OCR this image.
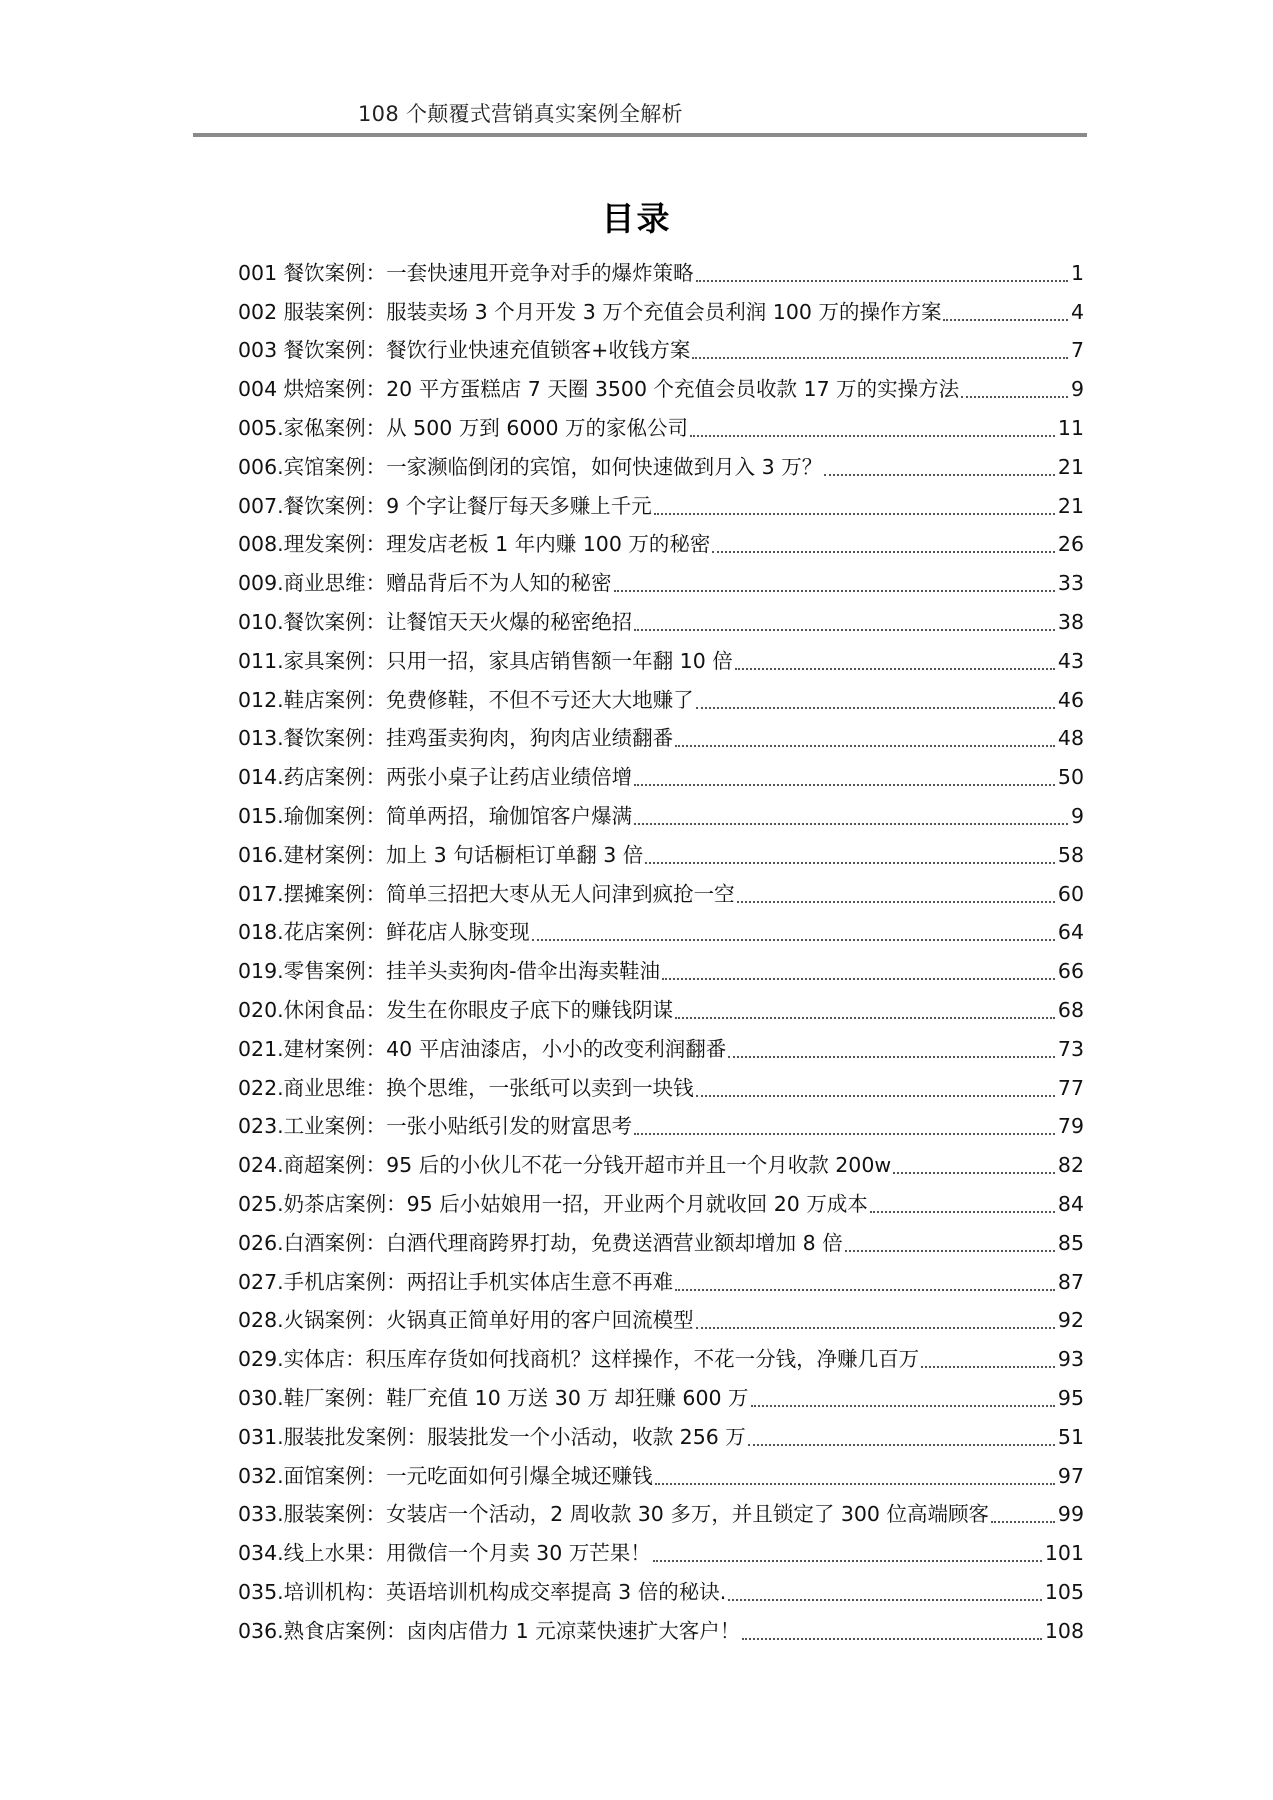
108 个颠覆式营销真实案例全解析
目录
001 餐饮案例：一套快速甩开竞争对手的爆炸策略	1
002 服装案例：服装卖场 3 个月开发 3 万个充值会员利润 100 万的操作方案	4
003 餐饮案例：餐饮行业快速充值锁客+收钱方案	7
004 烘焙案例：20 平方蛋糕店 7 天圈 3500 个充值会员收款 17 万的实操方法	9
005.家俬案例：从 500 万到 6000 万的家俬公司	11
006.宾馆案例：一家濒临倒闭的宾馆，如何快速做到月入 3 万？	21
007.餐饮案例：9 个字让餐厅每天多赚上千元	21
008.理发案例：理发店老板 1 年内赚 100 万的秘密	26
009.商业思维：赠品背后不为人知的秘密	33
010.餐饮案例：让餐馆天天火爆的秘密绝招	38
011.家具案例：只用一招，家具店销售额一年翻 10 倍	43
012.鞋店案例：免费修鞋，不但不亏还大大地赚了	46
013.餐饮案例：挂鸡蛋卖狗肉，狗肉店业绩翻番	48
014.药店案例：两张小桌子让药店业绩倍增	50
015.瑜伽案例：简单两招，瑜伽馆客户爆满	9
016.建材案例：加上 3 句话橱柜订单翻 3 倍	58
017.摆摊案例：简单三招把大枣从无人问津到疯抢一空	60
018.花店案例：鲜花店人脉变现	64
019.零售案例：挂羊头卖狗肉-借伞出海卖鞋油	66
020.休闲食品：发生在你眼皮子底下的赚钱阴谋	68
021.建材案例：40 平店油漆店，小小的改变利润翻番	73
022.商业思维：换个思维，一张纸可以卖到一块钱	77
023.工业案例：一张小贴纸引发的财富思考	79
024.商超案例：95 后的小伙儿不花一分钱开超市并且一个月收款 200w	82
025.奶茶店案例：95 后小姑娘用一招，开业两个月就收回 20 万成本	84
026.白酒案例：白酒代理商跨界打劫，免费送酒营业额却增加 8 倍	85
027.手机店案例：两招让手机实体店生意不再难	87
028.火锅案例：火锅真正简单好用的客户回流模型	92
029.实体店：积压库存货如何找商机？这样操作，不花一分钱，净赚几百万	93
030.鞋厂案例：鞋厂充值 10 万送 30 万 却狂赚 600 万	95
031.服装批发案例：服装批发一个小活动，收款 256 万	51
032.面馆案例：一元吃面如何引爆全城还赚钱	97
033.服装案例：女装店一个活动，2 周收款 30 多万，并且锁定了 300 位高端顾客	99
034.线上水果：用微信一个月卖 30 万芒果！	101
035.培训机构：英语培训机构成交率提高 3 倍的秘诀.	105
036.熟食店案例：卤肉店借力 1 元凉菜快速扩大客户！	108
